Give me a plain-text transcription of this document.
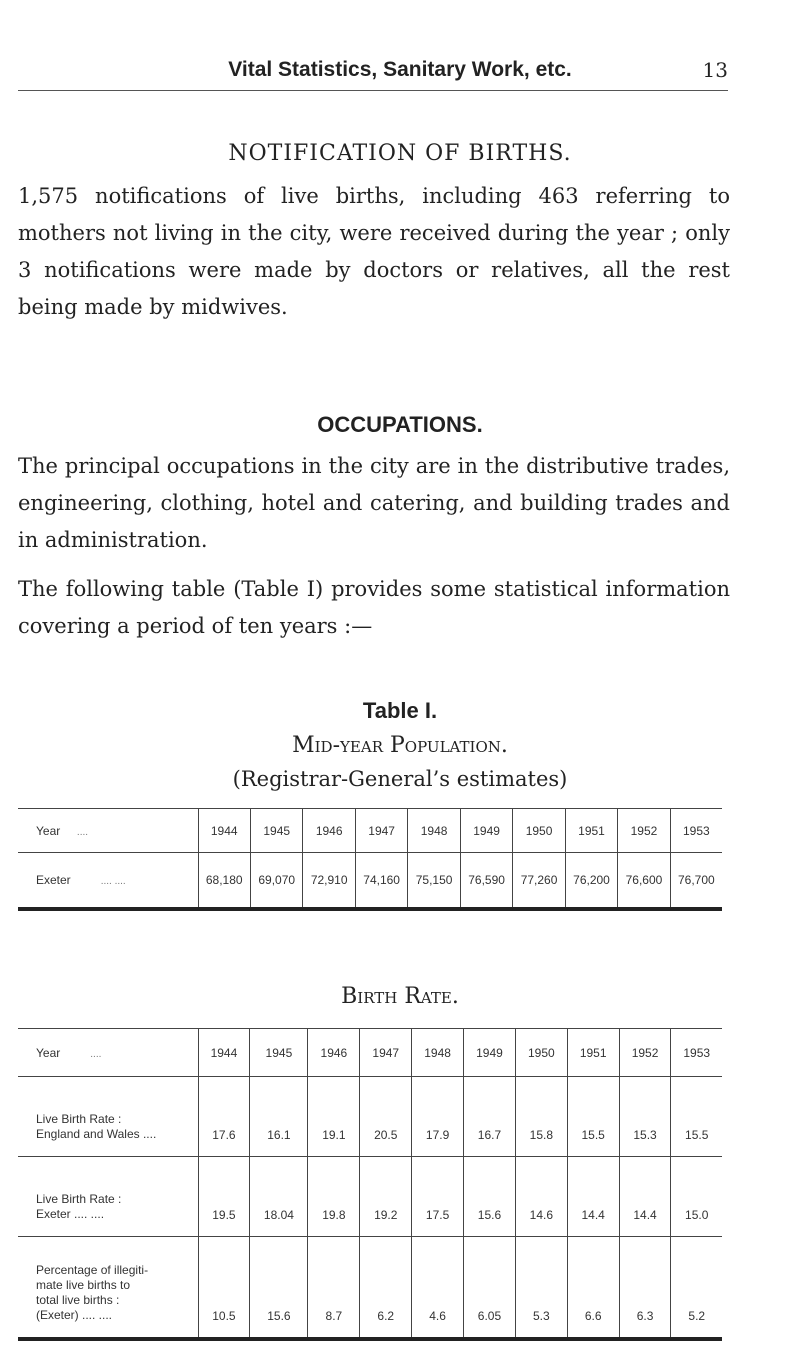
Vital Statistics, Sanitary Work, etc.	13
NOTIFICATION OF BIRTHS.

1,575 notifications of live births, including 463 referring to mothers not living in the city, were received during the year ; only 3 notifications were made by doctors or relatives, all the rest being made by midwives.

OCCUPATIONS.

The principal occupations in the city are in the distributive trades, engineering, clothing, hotel and catering, and building trades and in administration.

The following table (Table I) provides some statistical information covering a period of ten years :—

Table I.
Mid-year Population.
(Registrar-General’s estimates)
Year ....	1944	1945	1946	1947	1948	1949	1950	1951	1952	1953
Exeter .... ....	68,180	69,070	72,910	74,160	75,150	76,590	77,260	76,200	76,600	76,700
Birth Rate.
Year ....	1944	1945	1946	1947	1948	1949	1950	1951	1952	1953
Live Birth Rate :
England and Wales ....	17.6	16.1	19.1	20.5	17.9	16.7	15.8	15.5	15.3	15.5
Live Birth Rate :
Exeter .... ....	19.5	18.04	19.8	19.2	17.5	15.6	14.6	14.4	14.4	15.0
Percentage of illegiti-
mate live births to
total live births :
(Exeter) .... ....	10.5	15.6	8.7	6.2	4.6	6.05	5.3	6.6	6.3	5.2
